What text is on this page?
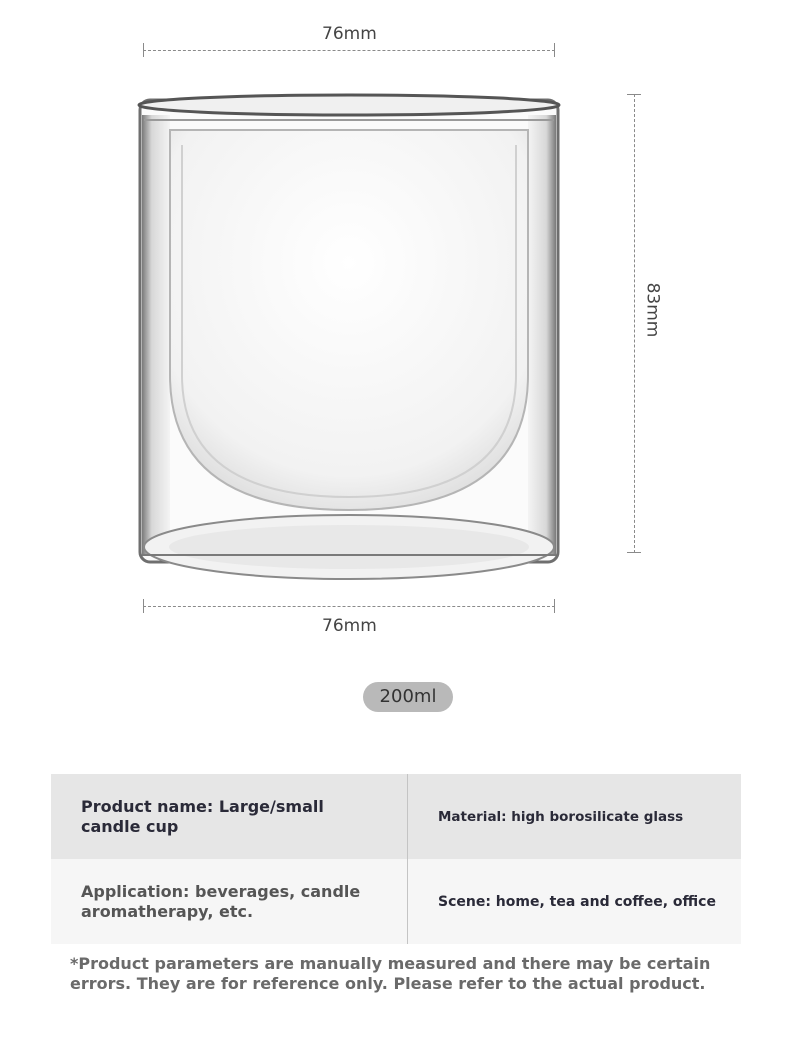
76mm
83mm
76mm
200ml
Product name: Large/small candle cup	Material: high borosilicate glass
Application: beverages, candle aromatherapy, etc.	Scene: home, tea and coffee, office
*Product parameters are manually measured and there may be certain errors. They are for reference only. Please refer to the actual product.
